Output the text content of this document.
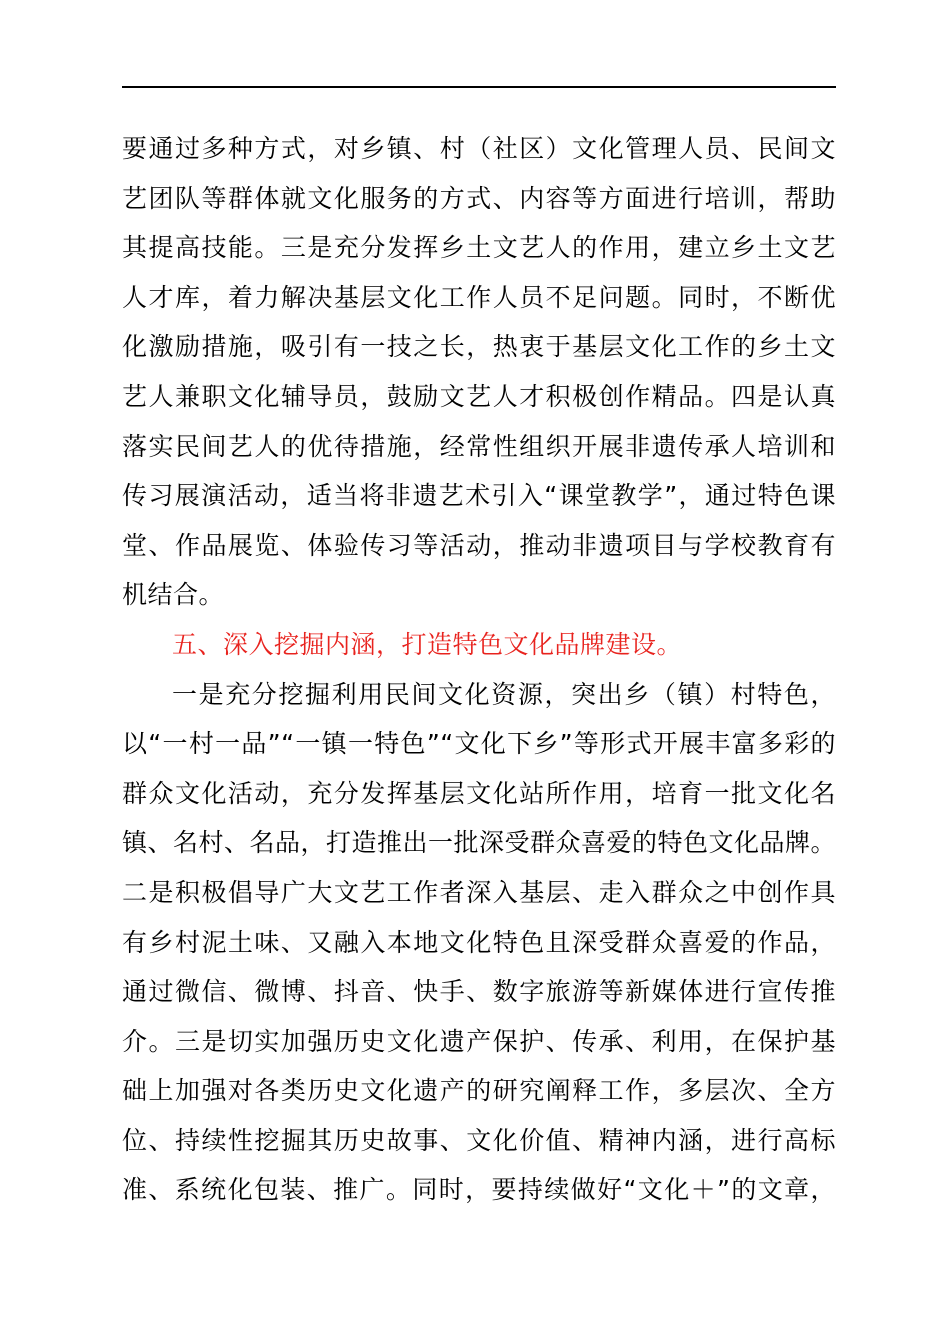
要通过多种方式，对乡镇、村（社区）文化管理人员、民间文
艺团队等群体就文化服务的方式、内容等方面进行培训，帮助
其提高技能。三是充分发挥乡土文艺人的作用，建立乡土文艺
人才库，着力解决基层文化工作人员不足问题。同时，不断优
化激励措施，吸引有一技之长，热衷于基层文化工作的乡土文
艺人兼职文化辅导员，鼓励文艺人才积极创作精品。四是认真
落实民间艺人的优待措施，经常性组织开展非遗传承人培训和
传习展演活动，适当将非遗艺术引入“课堂教学”，通过特色课
堂、作品展览、体验传习等活动，推动非遗项目与学校教育有
机结合。
五、深入挖掘内涵，打造特色文化品牌建设。
一是充分挖掘利用民间文化资源，突出乡（镇）村特色，
以“一村一品”“一镇一特色”“文化下乡”等形式开展丰富多彩的
群众文化活动，充分发挥基层文化站所作用，培育一批文化名
镇、名村、名品，打造推出一批深受群众喜爱的特色文化品牌。
二是积极倡导广大文艺工作者深入基层、走入群众之中创作具
有乡村泥土味、又融入本地文化特色且深受群众喜爱的作品，
通过微信、微博、抖音、快手、数字旅游等新媒体进行宣传推
介。三是切实加强历史文化遗产保护、传承、利用，在保护基
础上加强对各类历史文化遗产的研究阐释工作，多层次、全方
位、持续性挖掘其历史故事、文化价值、精神内涵，进行高标
准、系统化包装、推广。同时，要持续做好“文化＋”的文章，
